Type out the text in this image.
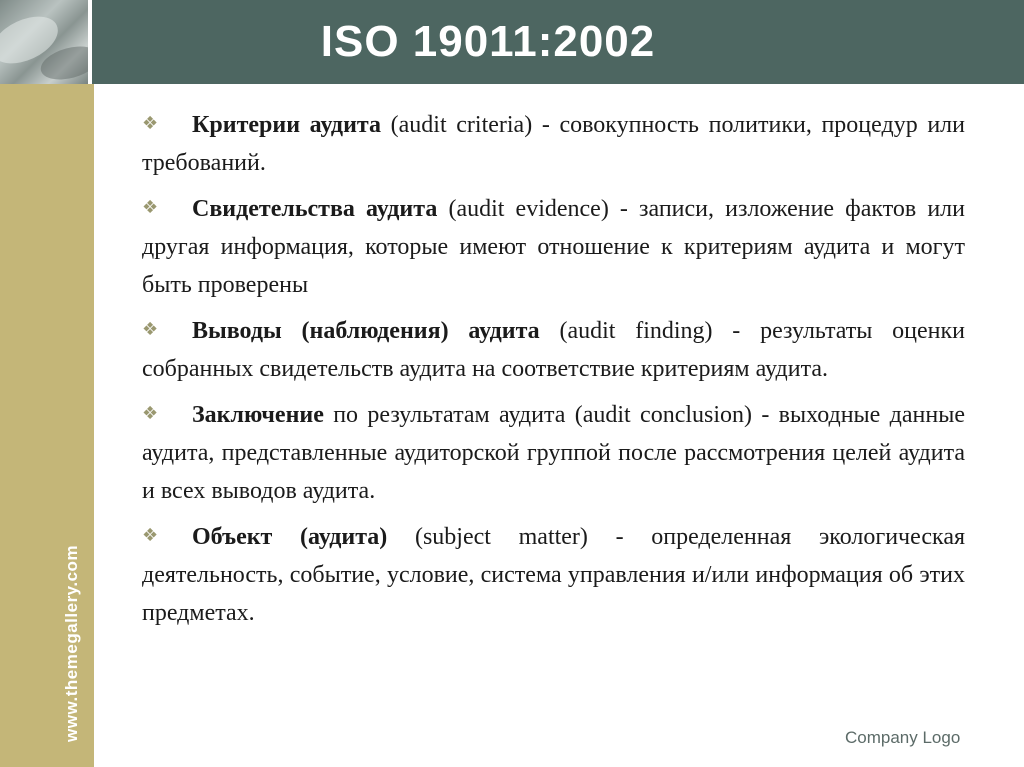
ISO 19011:2002
www.themegallery.com

❖ Критерии аудита (audit criteria) - совокупность политики, процедур или требований.

❖ Свидетельства аудита (audit evidence) - записи, изложение фактов или другая информация, которые имеют отношение к критериям аудита и могут быть проверены

❖ Выводы (наблюдения) аудита (audit finding) - результаты оценки собранных свидетельств аудита на соответствие критериям аудита.

❖ Заключение по результатам аудита (audit conclusion) - выходные данные аудита, представленные аудиторской группой после рассмотрения целей аудита и всех выводов аудита.

❖ Объект (аудита) (subject matter) - определенная экологическая деятельность, событие, условие, система управления и/или информация об этих предметах.

Company Logo
